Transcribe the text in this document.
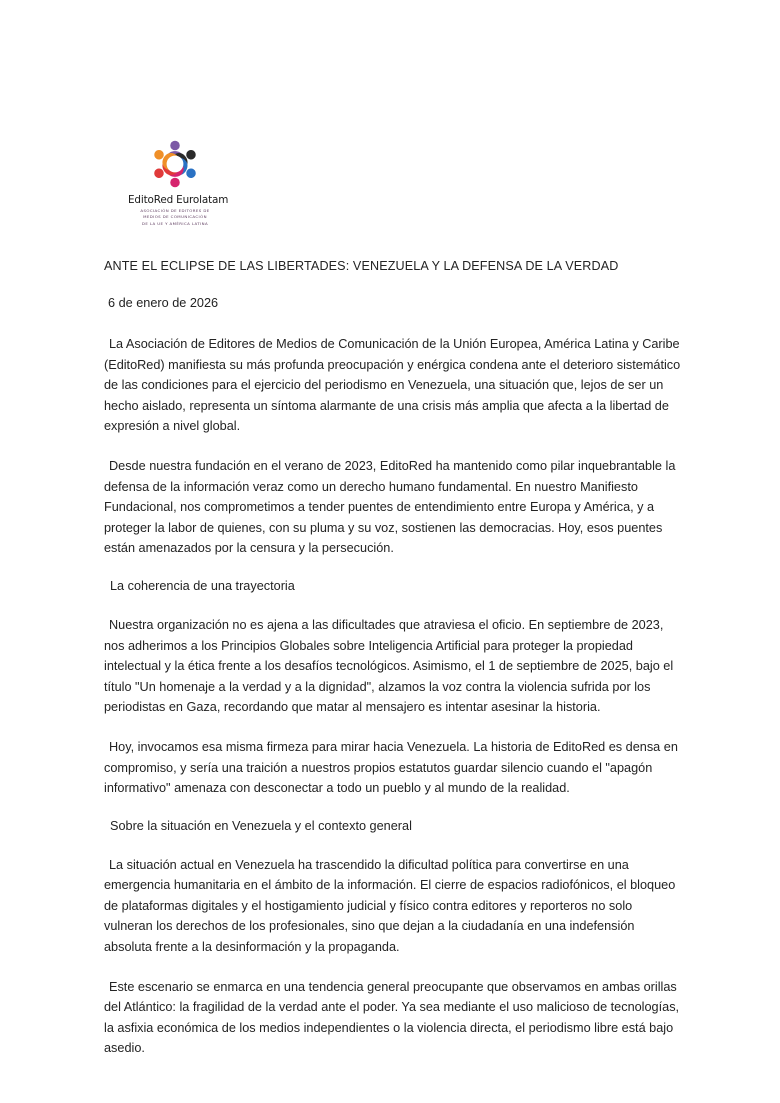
EditoRed Eurolatam
ASOCIACIÓN DE EDITORES DE
MEDIOS DE COMUNICACIÓN
DE LA UE Y AMÉRICA LATINA
ANTE EL ECLIPSE DE LAS LIBERTADES: VENEZUELA Y LA DEFENSA DE LA VERDAD
6 de enero de 2026
La Asociación de Editores de Medios de Comunicación de la Unión Europea, América Latina y Caribe (EditoRed) manifiesta su más profunda preocupación y enérgica condena ante el deterioro sistemático de las condiciones para el ejercicio del periodismo en Venezuela, una situación que, lejos de ser un hecho aislado, representa un síntoma alarmante de una crisis más amplia que afecta a la libertad de expresión a nivel global.
Desde nuestra fundación en el verano de 2023, EditoRed ha mantenido como pilar inquebrantable la defensa de la información veraz como un derecho humano fundamental. En nuestro Manifiesto Fundacional, nos comprometimos a tender puentes de entendimiento entre Europa y América, y a proteger la labor de quienes, con su pluma y su voz, sostienen las democracias. Hoy, esos puentes están amenazados por la censura y la persecución.
La coherencia de una trayectoria
Nuestra organización no es ajena a las dificultades que atraviesa el oficio. En septiembre de 2023, nos adherimos a los Principios Globales sobre Inteligencia Artificial para proteger la propiedad intelectual y la ética frente a los desafíos tecnológicos. Asimismo, el 1 de septiembre de 2025, bajo el título "Un homenaje a la verdad y a la dignidad", alzamos la voz contra la violencia sufrida por los periodistas en Gaza, recordando que matar al mensajero es intentar asesinar la historia.
Hoy, invocamos esa misma firmeza para mirar hacia Venezuela. La historia de EditoRed es densa en compromiso, y sería una traición a nuestros propios estatutos guardar silencio cuando el "apagón informativo" amenaza con desconectar a todo un pueblo y al mundo de la realidad.
Sobre la situación en Venezuela y el contexto general
La situación actual en Venezuela ha trascendido la dificultad política para convertirse en una emergencia humanitaria en el ámbito de la información. El cierre de espacios radiofónicos, el bloqueo de plataformas digitales y el hostigamiento judicial y físico contra editores y reporteros no solo vulneran los derechos de los profesionales, sino que dejan a la ciudadanía en una indefensión absoluta frente a la desinformación y la propaganda.
Este escenario se enmarca en una tendencia general preocupante que observamos en ambas orillas del Atlántico: la fragilidad de la verdad ante el poder. Ya sea mediante el uso malicioso de tecnologías, la asfixia económica de los medios independientes o la violencia directa, el periodismo libre está bajo asedio.
